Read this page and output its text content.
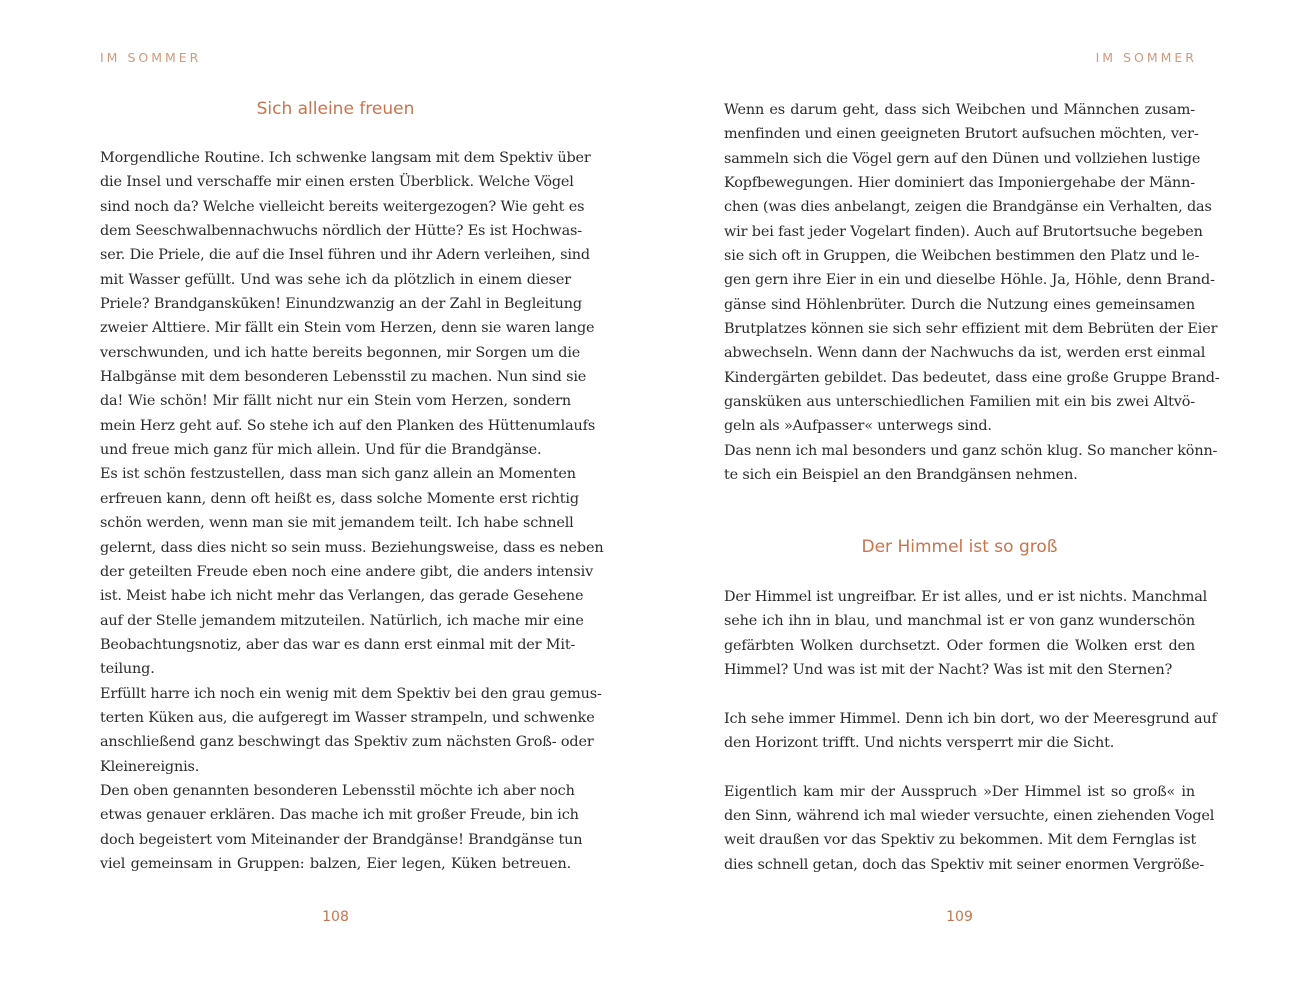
IM SOMMER
Sich alleine freuen
Morgendliche Routine. Ich schwenke langsam mit dem Spektiv über
die Insel und verschaffe mir einen ersten Überblick. Welche Vögel
sind noch da? Welche vielleicht bereits weitergezogen? Wie geht es
dem Seeschwalbennachwuchs nördlich der Hütte? Es ist Hochwas-
ser. Die Priele, die auf die Insel führen und ihr Adern verleihen, sind
mit Wasser gefüllt. Und was sehe ich da plötzlich in einem dieser
Priele? Brandganskūken! Einundzwanzig an der Zahl in Begleitung
zweier Alttiere. Mir fällt ein Stein vom Herzen, denn sie waren lange
verschwunden, und ich hatte bereits begonnen, mir Sorgen um die
Halbgänse mit dem besonderen Lebensstil zu machen. Nun sind sie
da! Wie schön! Mir fällt nicht nur ein Stein vom Herzen, sondern
mein Herz geht auf. So stehe ich auf den Planken des Hüttenumlaufs
und freue mich ganz für mich allein. Und für die Brandgänse.
Es ist schön festzustellen, dass man sich ganz allein an Momenten
erfreuen kann, denn oft heißt es, dass solche Momente erst richtig
schön werden, wenn man sie mit jemandem teilt. Ich habe schnell
gelernt, dass dies nicht so sein muss. Beziehungsweise, dass es neben
der geteilten Freude eben noch eine andere gibt, die anders intensiv
ist. Meist habe ich nicht mehr das Verlangen, das gerade Gesehene
auf der Stelle jemandem mitzuteilen. Natürlich, ich mache mir eine
Beobachtungsnotiz, aber das war es dann erst einmal mit der Mit-
teilung.
Erfüllt harre ich noch ein wenig mit dem Spektiv bei den grau gemus-
terten Küken aus, die aufgeregt im Wasser strampeln, und schwenke
anschließend ganz beschwingt das Spektiv zum nächsten Groß- oder
Kleinereignis.
Den oben genannten besonderen Lebensstil möchte ich aber noch
etwas genauer erklären. Das mache ich mit großer Freude, bin ich
doch begeistert vom Miteinander der Brandgänse! Brandgänse tun
viel gemeinsam in Gruppen: balzen, Eier legen, Küken betreuen.
108
IM SOMMER
Wenn es darum geht, dass sich Weibchen und Männchen zusam-
menfinden und einen geeigneten Brutort aufsuchen möchten, ver-
sammeln sich die Vögel gern auf den Dünen und vollziehen lustige
Kopfbewegungen. Hier dominiert das Imponiergehabe der Männ-
chen (was dies anbelangt, zeigen die Brandgänse ein Verhalten, das
wir bei fast jeder Vogelart finden). Auch auf Brutortsuche begeben
sie sich oft in Gruppen, die Weibchen bestimmen den Platz und le-
gen gern ihre Eier in ein und dieselbe Höhle. Ja, Höhle, denn Brand-
gänse sind Höhlenbrüter. Durch die Nutzung eines gemeinsamen
Brutplatzes können sie sich sehr effizient mit dem Bebrüten der Eier
abwechseln. Wenn dann der Nachwuchs da ist, werden erst einmal
Kindergärten gebildet. Das bedeutet, dass eine große Gruppe Brand-
gansküken aus unterschiedlichen Familien mit ein bis zwei Altvö-
geln als »Aufpasser« unterwegs sind.
Das nenn ich mal besonders und ganz schön klug. So mancher könn-
te sich ein Beispiel an den Brandgänsen nehmen.
Der Himmel ist so groß
Der Himmel ist ungreifbar. Er ist alles, und er ist nichts. Manchmal
sehe ich ihn in blau, und manchmal ist er von ganz wunderschön
gefärbten Wolken durchsetzt. Oder formen die Wolken erst den
Himmel? Und was ist mit der Nacht? Was ist mit den Sternen?
Ich sehe immer Himmel. Denn ich bin dort, wo der Meeresgrund auf
den Horizont trifft. Und nichts versperrt mir die Sicht.
Eigentlich kam mir der Ausspruch »Der Himmel ist so groß« in
den Sinn, während ich mal wieder versuchte, einen ziehenden Vogel
weit draußen vor das Spektiv zu bekommen. Mit dem Fernglas ist
dies schnell getan, doch das Spektiv mit seiner enormen Vergröße-
109
